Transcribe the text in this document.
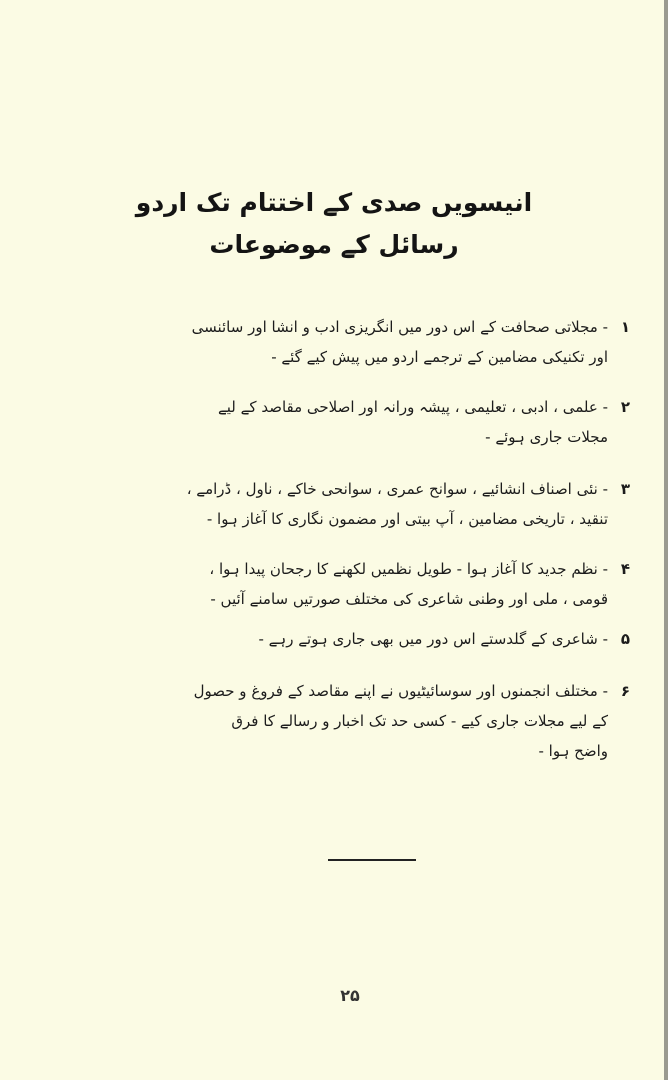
انیسویں صدی کے اختتام تک اردو
رسائل کے موضوعات
۱- مجلاتی صحافت کے اس دور میں انگریزی ادب و انشا اور سائنسی
اور تکنیکی مضامین کے ترجمے اردو میں پیش کیے گئے -
۲- علمی ، ادبی ، تعلیمی ، پیشہ ورانہ اور اصلاحی مقاصد کے لیے
مجلات جاری ہوئے -
۳- نئی اصناف انشائیے ، سوانح عمری ، سوانحی خاکے ، ناول ، ڈرامے ،
تنقید ، تاریخی مضامین ، آپ بیتی اور مضمون نگاری کا آغاز ہوا -
۴- نظم جدید کا آغاز ہوا - طویل نظمیں لکھنے کا رجحان پیدا ہوا ،
قومی ، ملی اور وطنی شاعری کی مختلف صورتیں سامنے آئیں -
۵- شاعری کے گلدستے اس دور میں بھی جاری ہوتے رہے -
۶- مختلف انجمنوں اور سوسائیٹیوں نے اپنے مقاصد کے فروغ و حصول
کے لیے مجلات جاری کیے - کسی حد تک اخبار و رسالے کا فرق
واضح ہوا -
۲۵
